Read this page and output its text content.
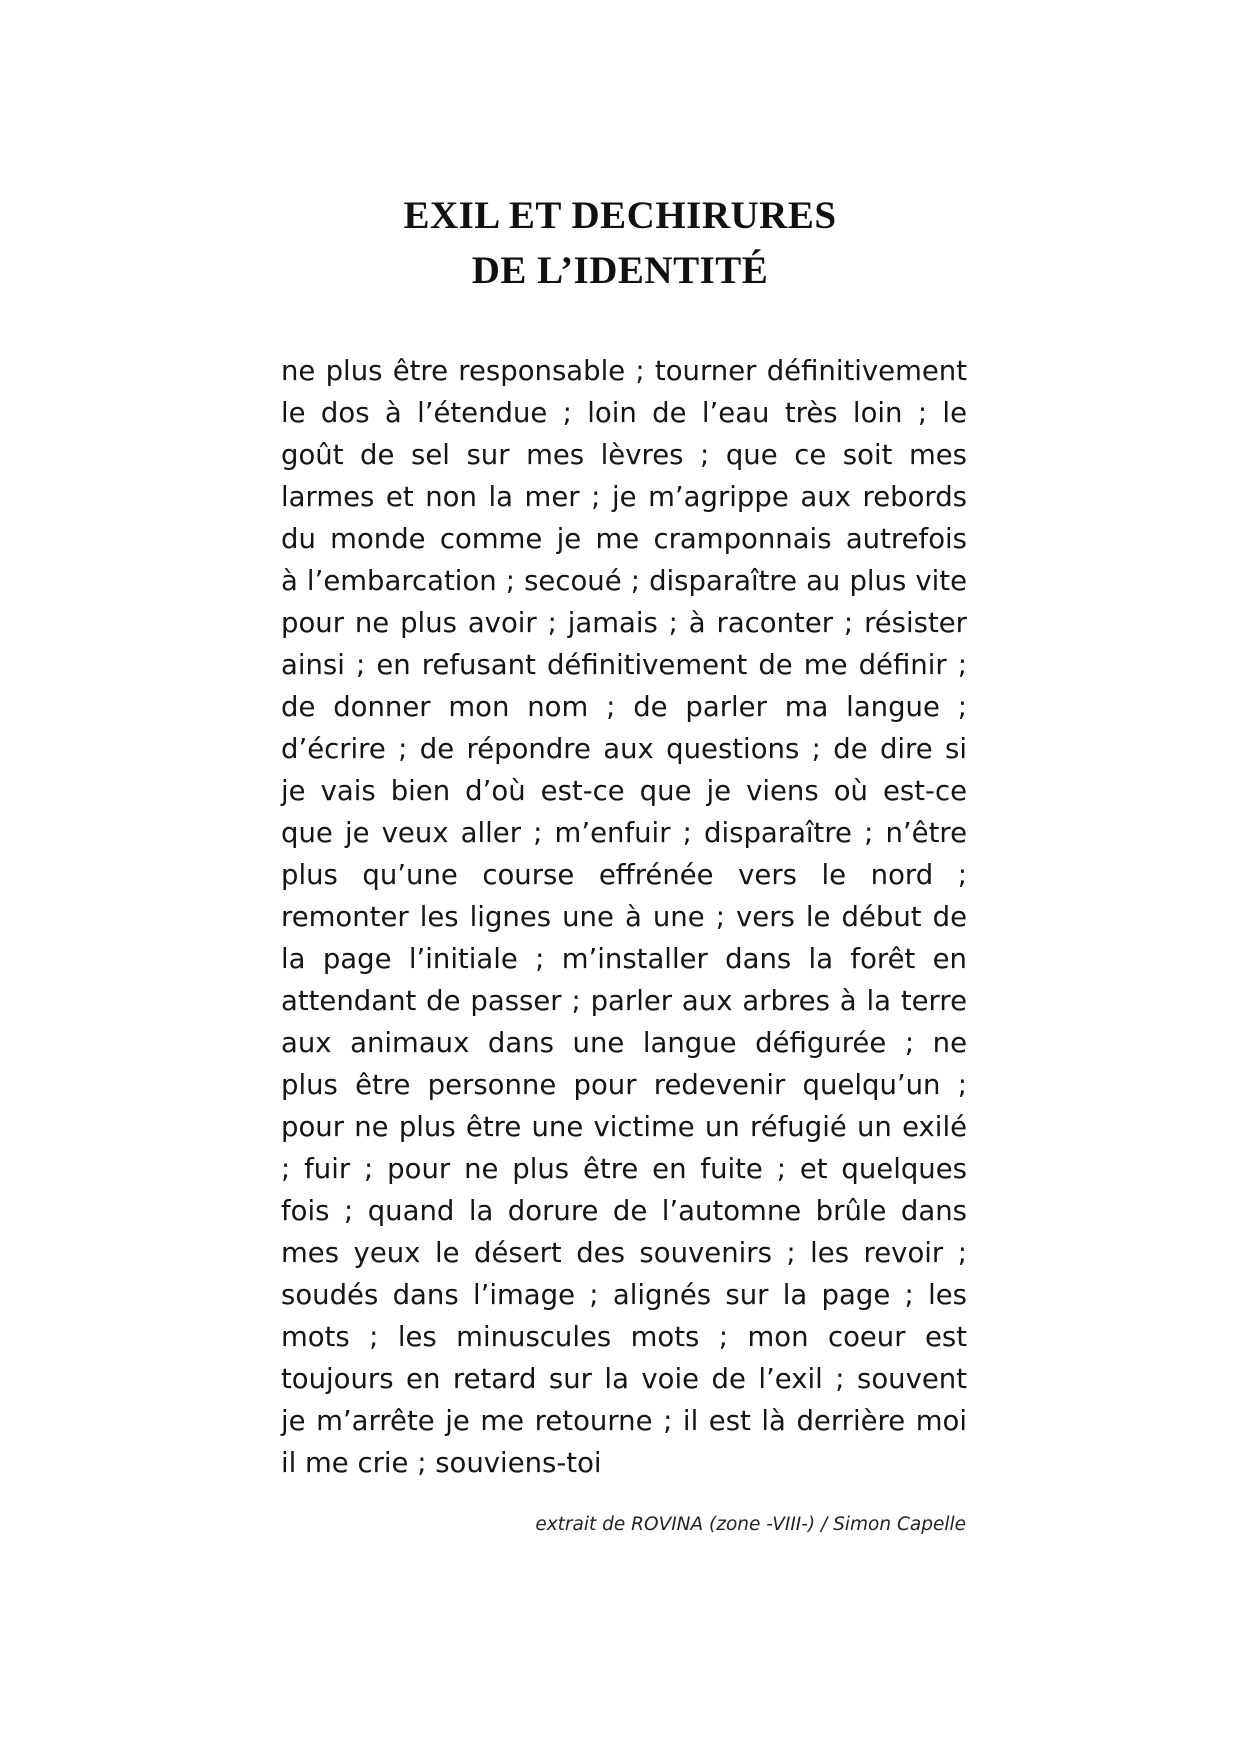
EXIL ET DECHIRURES
DE L’IDENTITÉ
ne plus être responsable ; tourner définitivement
le dos à l’étendue ; loin de l’eau très loin ; le
goût de sel sur mes lèvres ; que ce soit mes
larmes et non la mer ; je m’agrippe aux rebords
du monde comme je me cramponnais autrefois
à l’embarcation ; secoué ; disparaître au plus vite
pour ne plus avoir ; jamais ; à raconter ; résister
ainsi ; en refusant définitivement de me définir ;
de donner mon nom ; de parler ma langue ;
d’écrire ; de répondre aux questions ; de dire si
je vais bien d’où est-ce que je viens où est-ce
que je veux aller ; m’enfuir ; disparaître ; n’être
plus qu’une course effrénée vers le nord ;
remonter les lignes une à une ; vers le début de
la page l’initiale ; m’installer dans la forêt en
attendant de passer ; parler aux arbres à la terre
aux animaux dans une langue défigurée ; ne
plus être personne pour redevenir quelqu’un ;
pour ne plus être une victime un réfugié un exilé
; fuir ; pour ne plus être en fuite ; et quelques
fois ; quand la dorure de l’automne brûle dans
mes yeux le désert des souvenirs ; les revoir ;
soudés dans l’image ; alignés sur la page ; les
mots ; les minuscules mots ; mon coeur est
toujours en retard sur la voie de l’exil ; souvent
je m’arrête je me retourne ; il est là derrière moi
il me crie ; souviens-toi
extrait de ROVINA (zone -VIII-) / Simon Capelle
